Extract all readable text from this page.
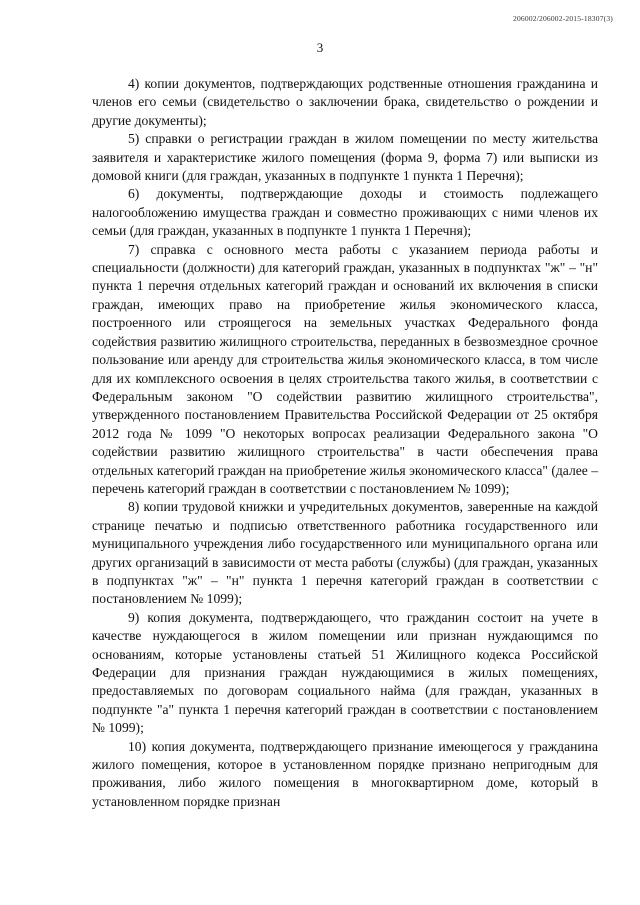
206002/206002-2015-18307(3)
3

4) копии документов, подтверждающих родственные отношения гражданина и членов его семьи (свидетельство о заключении брака, свидетельство о рождении и другие документы);

5) справки о регистрации граждан в жилом помещении по месту жительства заявителя и характеристике жилого помещения (форма 9, форма 7) или выписки из домовой книги (для граждан, указанных в подпункте 1 пункта 1 Перечня);

6) документы, подтверждающие доходы и стоимость подлежащего налогообложению имущества граждан и совместно проживающих с ними членов их семьи (для граждан, указанных в подпункте 1 пункта 1 Перечня);

7) справка с основного места работы с указанием периода работы и специальности (должности) для категорий граждан, указанных в подпунктах "ж" – "н" пункта 1 перечня отдельных категорий граждан и оснований их включения в списки граждан, имеющих право на приобретение жилья экономического класса, построенного или строящегося на земельных участках Федерального фонда содействия развитию жилищного строительства, переданных в безвозмездное срочное пользование или аренду для строительства жилья экономического класса, в том числе для их комплексного освоения в целях строительства такого жилья, в соответствии с Федеральным законом "О содействии развитию жилищного строительства", утвержденного постановлением Правительства Российской Федерации от 25 октября 2012 года № 1099 "О некоторых вопросах реализации Федерального закона "О содействии развитию жилищного строительства" в части обеспечения права отдельных категорий граждан на приобретение жилья экономического класса" (далее – перечень категорий граждан в соответствии с постановлением № 1099);

8) копии трудовой книжки и учредительных документов, заверенные на каждой странице печатью и подписью ответственного работника государственного или муниципального учреждения либо государственного или муниципального органа или других организаций в зависимости от места работы (службы) (для граждан, указанных в подпунктах "ж" – "н" пункта 1 перечня категорий граждан в соответствии с постановлением № 1099);

9) копия документа, подтверждающего, что гражданин состоит на учете в качестве нуждающегося в жилом помещении или признан нуждающимся по основаниям, которые установлены статьей 51 Жилищного кодекса Российской Федерации для признания граждан нуждающимися в жилых помещениях, предоставляемых по договорам социального найма (для граждан, указанных в подпункте "а" пункта 1 перечня категорий граждан в соответствии с постановлением № 1099);

10) копия документа, подтверждающего признание имеющегося у гражданина жилого помещения, которое в установленном порядке признано непригодным для проживания, либо жилого помещения в многоквартирном доме, который в установленном порядке признан
